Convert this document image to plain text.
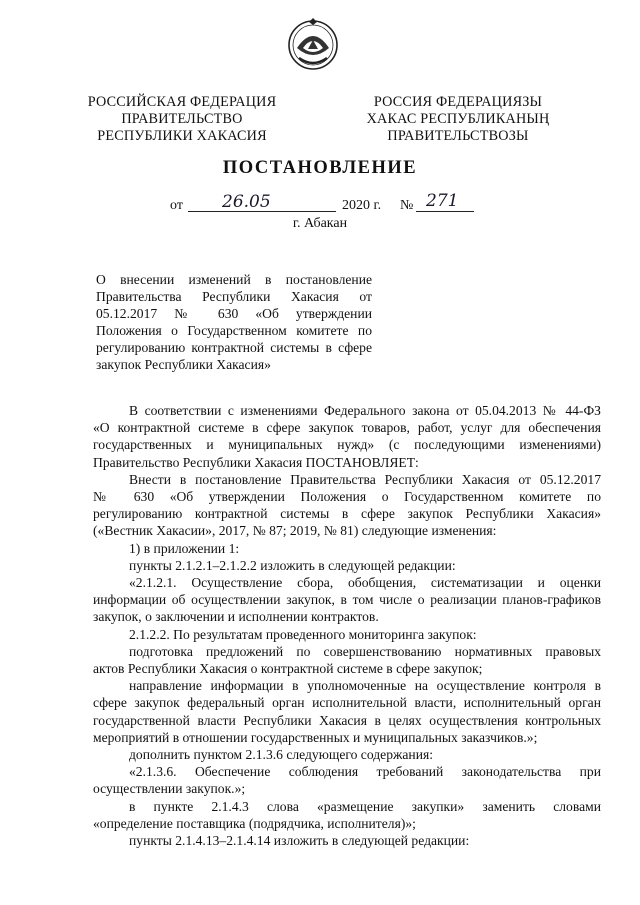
РОССИЙСКАЯ ФЕДЕРАЦИЯ
ПРАВИТЕЛЬСТВО
РЕСПУБЛИКИ ХАКАСИЯ
РОССИЯ ФЕДЕРАЦИЯЗЫ
ХАКАС РЕСПУБЛИКАНЫҢ
ПРАВИТЕЛЬСТВОЗЫ
ПОСТАНОВЛЕНИЕ
от 26.05	2020 г. № 271
г. Абакан
О внесении изменений в постановление
Правительства Республики Хакасия от
05.12.2017 № 630 «Об утверждении
Положения о Государственном комитете по
регулированию контрактной системы в сфере
закупок Республики Хакасия»
В соответствии с изменениями Федерального закона от 05.04.2013 № 44-ФЗ
«О контрактной системе в сфере закупок товаров, работ, услуг для обеспечения
государственных и муниципальных нужд» (с последующими изменениями)
Правительство Республики Хакасия ПОСТАНОВЛЯЕТ:
Внести в постановление Правительства Республики Хакасия от 05.12.2017
№ 630 «Об утверждении Положения о Государственном комитете по
регулированию контрактной системы в сфере закупок Республики Хакасия»
(«Вестник Хакасии», 2017, № 87; 2019, № 81) следующие изменения:
1) в приложении 1:
пункты 2.1.2.1–2.1.2.2 изложить в следующей редакции:
«2.1.2.1. Осуществление сбора, обобщения, систематизации и оценки
информации об осуществлении закупок, в том числе о реализации планов-графиков
закупок, о заключении и исполнении контрактов.
2.1.2.2. По результатам проведенного мониторинга закупок:
подготовка предложений по совершенствованию нормативных правовых
актов Республики Хакасия о контрактной системе в сфере закупок;
направление информации в уполномоченные на осуществление контроля в
сфере закупок федеральный орган исполнительной власти, исполнительный орган
государственной власти Республики Хакасия в целях осуществления контрольных
мероприятий в отношении государственных и муниципальных заказчиков.»;
дополнить пунктом 2.1.3.6 следующего содержания:
«2.1.3.6. Обеспечение соблюдения требований законодательства при
осуществлении закупок.»;
в пункте 2.1.4.3 слова «размещение закупки» заменить словами
«определение поставщика (подрядчика, исполнителя)»;
пункты 2.1.4.13–2.1.4.14 изложить в следующей редакции:
